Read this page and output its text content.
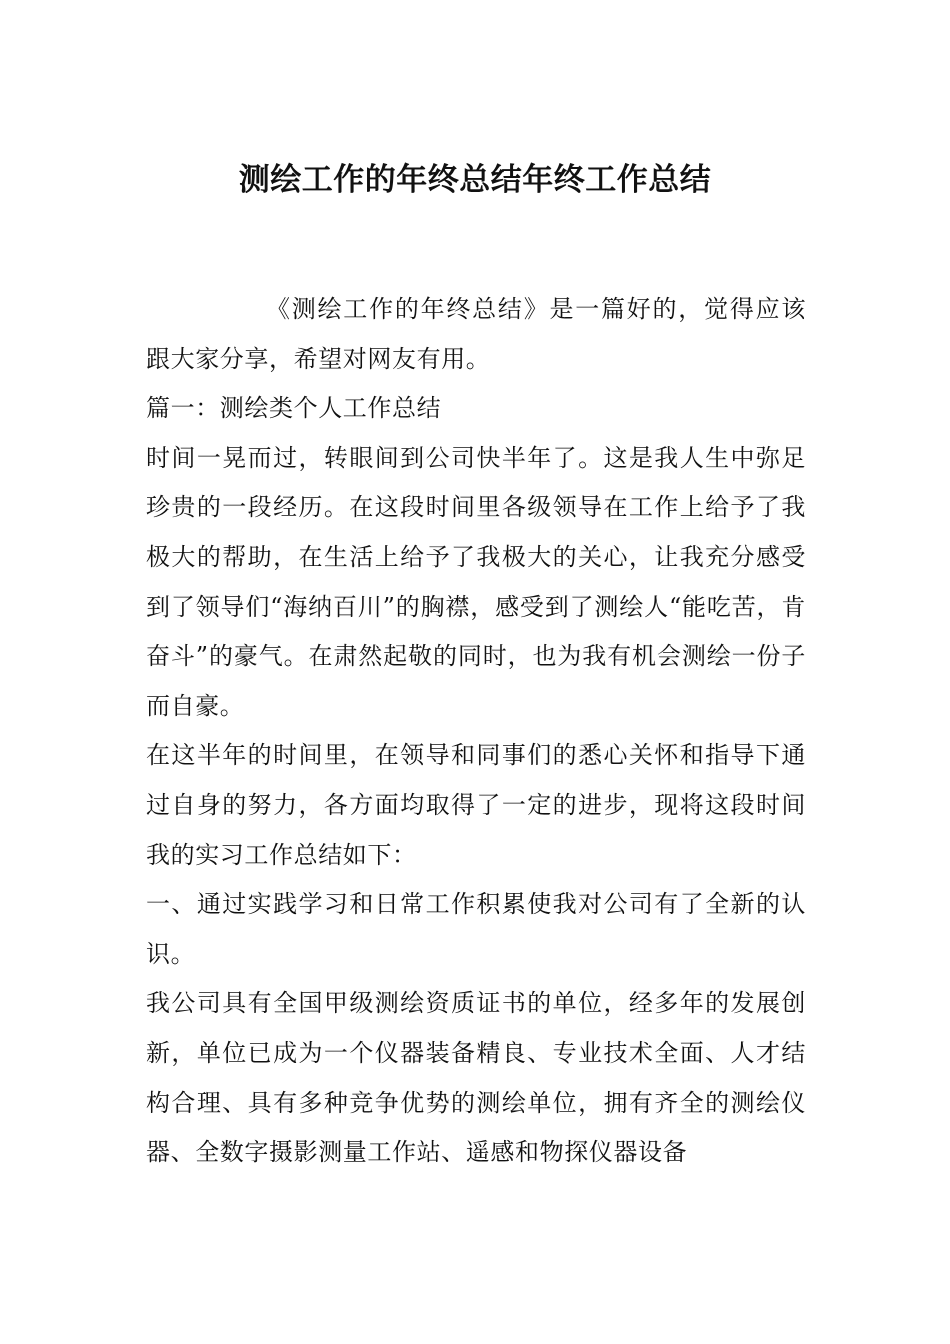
测绘工作的年终总结年终工作总结

《测绘工作的年终总结》是一篇好的，觉得应该跟大家分享，希望对网友有用。

篇一：测绘类个人工作总结

时间一晃而过，转眼间到公司快半年了。这是我人生中弥足珍贵的一段经历。在这段时间里各级领导在工作上给予了我极大的帮助，在生活上给予了我极大的关心，让我充分感受到了领导们“海纳百川”的胸襟，感受到了测绘人“能吃苦，肯奋斗”的豪气。在肃然起敬的同时，也为我有机会测绘一份子而自豪。

在这半年的时间里，在领导和同事们的悉心关怀和指导下通过自身的努力，各方面均取得了一定的进步，现将这段时间我的实习工作总结如下：

一、通过实践学习和日常工作积累使我对公司有了全新的认识。

我公司具有全国甲级测绘资质证书的单位，经多年的发展创新，单位已成为一个仪器装备精良、专业技术全面、人才结构合理、具有多种竞争优势的测绘单位，拥有齐全的测绘仪器、全数字摄影测量工作站、遥感和物探仪器设备
